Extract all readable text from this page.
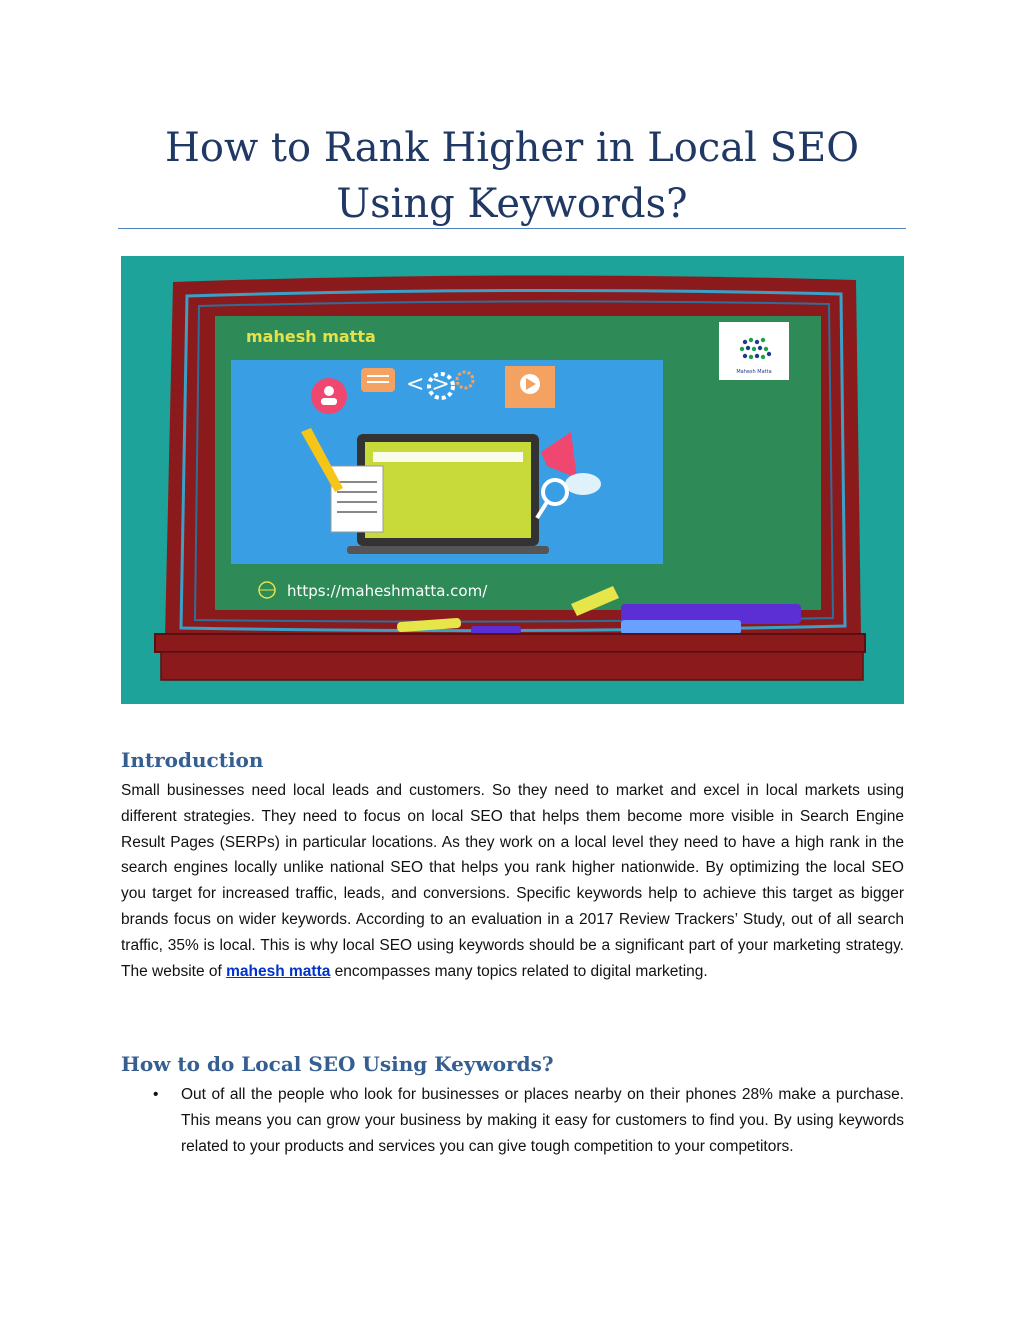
How to Rank Higher in Local SEO Using Keywords?
mahesh matta
Mahesh Matta
< >
https://maheshmatta.com/
Introduction

Small businesses need local leads and customers. So they need to market and excel in local markets using different strategies. They need to focus on local SEO that helps them become more visible in Search Engine Result Pages (SERPs) in particular locations. As they work on a local level they need to have a high rank in the search engines locally unlike national SEO that helps you rank higher nationwide. By optimizing the local SEO you target for increased traffic, leads, and conversions. Specific keywords help to achieve this target as bigger brands focus on wider keywords. According to an evaluation in a 2017 Review Trackers’ Study, out of all search traffic, 35% is local. This is why local SEO using keywords should be a significant part of your marketing strategy. The website of mahesh matta encompasses many topics related to digital marketing.

How to do Local SEO Using Keywords?
• Out of all the people who look for businesses or places nearby on their phones 28% make a purchase. This means you can grow your business by making it easy for customers to find you. By using keywords related to your products and services you can give tough competition to your competitors.
